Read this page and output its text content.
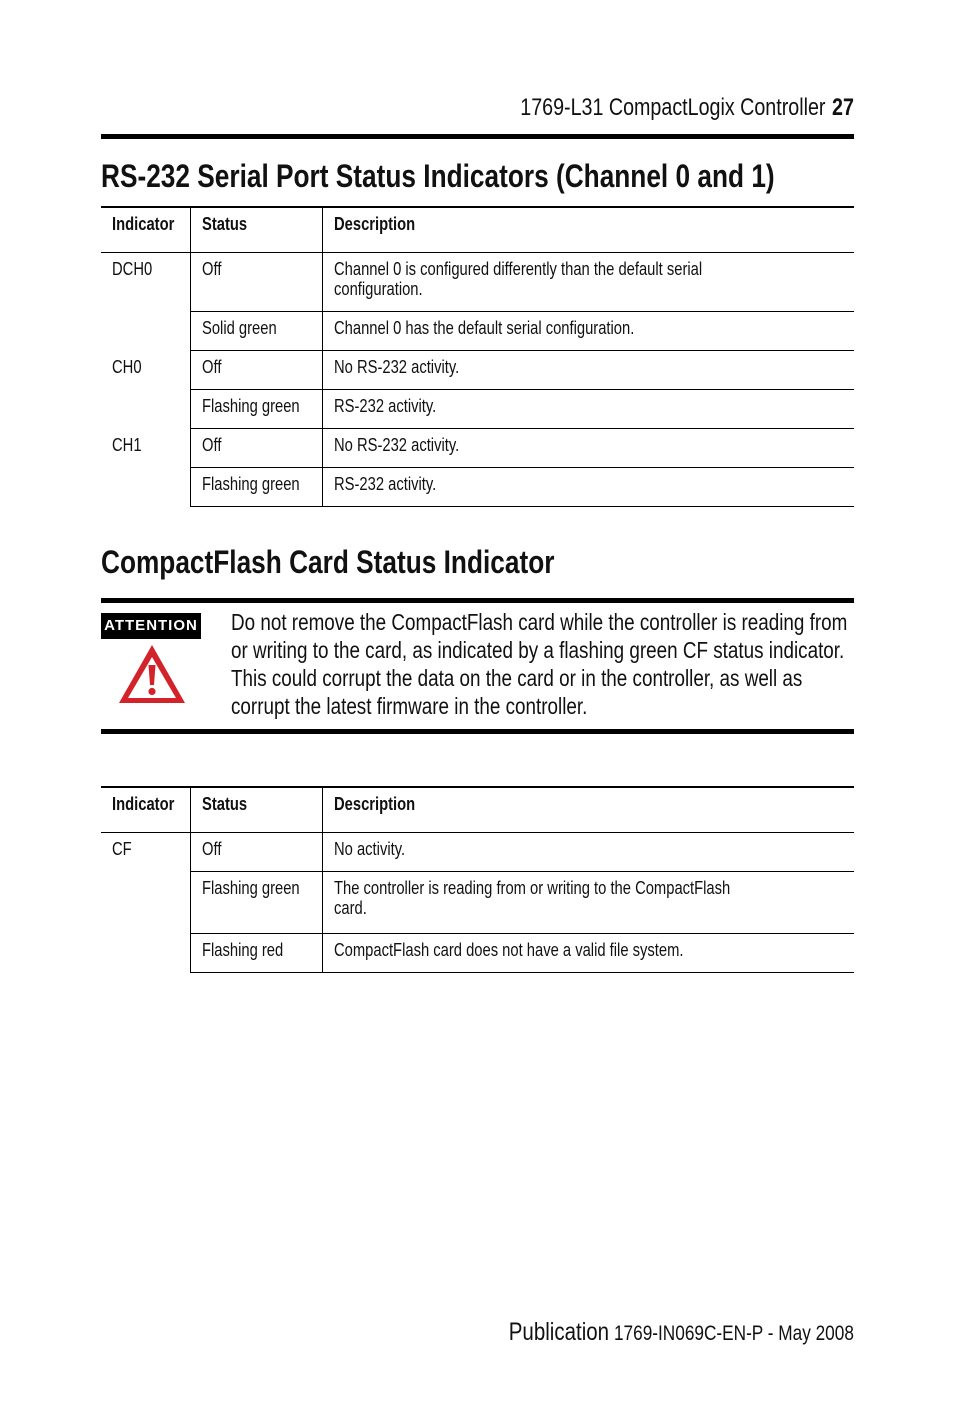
1769-L31 CompactLogix Controller 27
RS-232 Serial Port Status Indicators (Channel 0 and 1)
Indicator	Status	Description
DCH0	Off	Channel 0 is configured differently than the default serial configuration.

	Solid green	Channel 0 has the default serial configuration.

CH0	Off	No RS-232 activity.

	Flashing green	RS-232 activity.

CH1	Off	No RS-232 activity.

	Flashing green	RS-232 activity.
CompactFlash Card Status Indicator
ATTENTION Do not remove the CompactFlash card while the controller is reading from or writing to the card, as indicated by a flashing green CF status indicator. This could corrupt the data on the card or in the controller, as well as corrupt the latest firmware in the controller.
Indicator	Status	Description
CF	Off	No activity.

	Flashing green	The controller is reading from or writing to the CompactFlash card.

	Flashing red	CompactFlash card does not have a valid file system.
Publication 1769-IN069C-EN-P - May 2008
